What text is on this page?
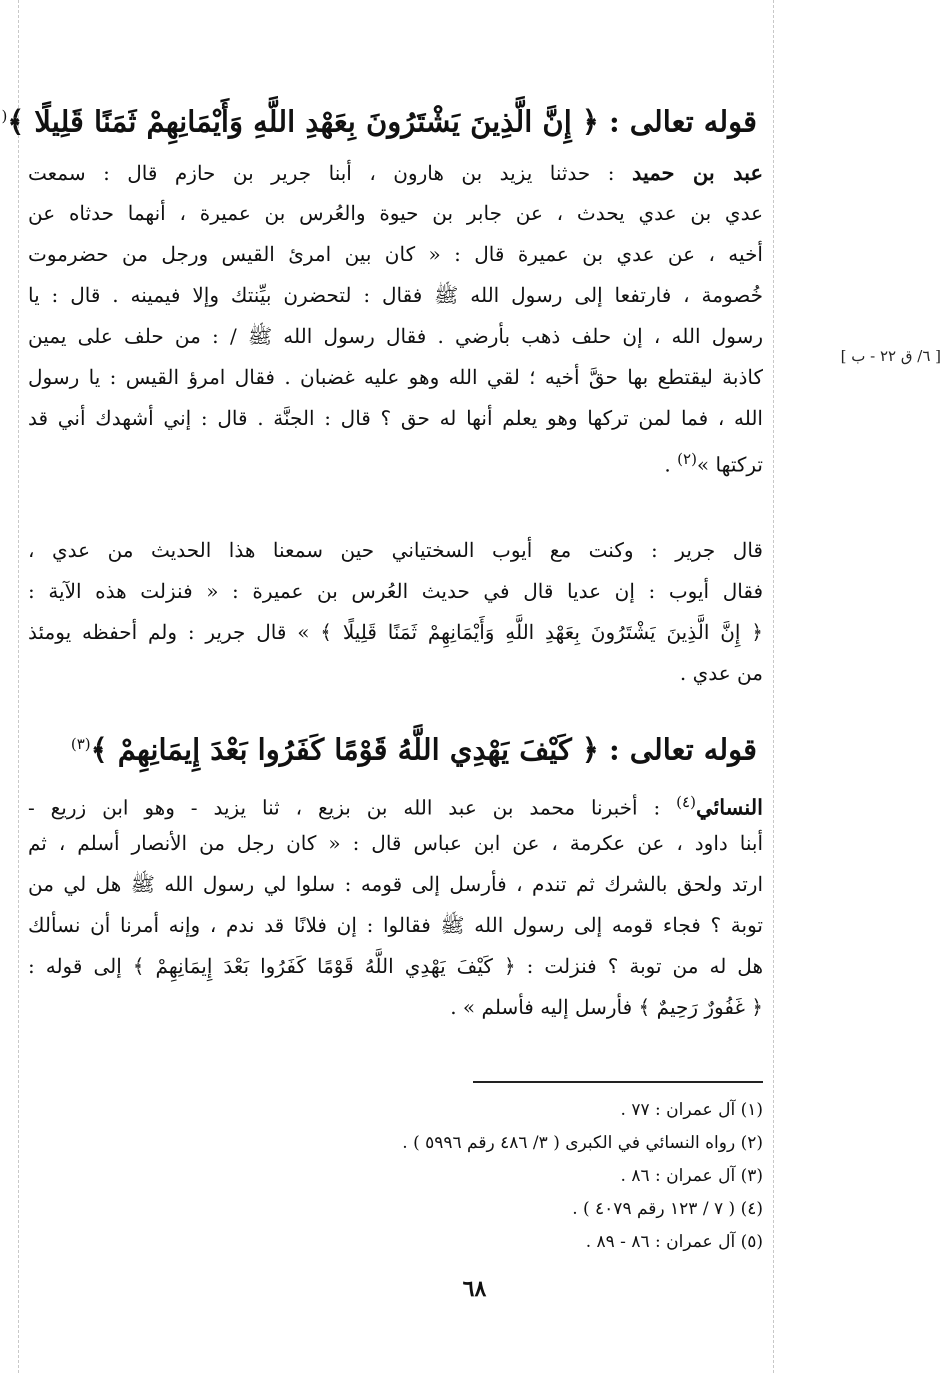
قوله تعالى : ﴿ إِنَّ الَّذِينَ يَشْتَرُونَ بِعَهْدِ اللَّهِ وَأَيْمَانِهِمْ ثَمَنًا قَلِيلًا ﴾(
عبد بن حميد : حدثنا يزيد بن هارون ، أبنا جرير بن حازم قال : سمعت
عدي بن عدي يحدث ، عن جابر بن حيوة والعُرس بن عميرة ، أنهما حدثاه عن
أخيه ، عن عدي بن عميرة قال : « كان بين امرئ القيس ورجل من حضرموت
خُصومة ، فارتفعا إلى رسول الله ﷺ فقال : لتحضرن بيِّنتك وإلا فيمينه . قال : يا
رسول الله ، إن حلف ذهب بأرضي . فقال رسول الله ﷺ / : من حلف على يمين
كاذبة ليقتطع بها حقَّ أخيه ؛ لقي الله وهو عليه غضبان . فقال امرؤ القيس : يا رسول
الله ، فما لمن تركها وهو يعلم أنها له حق ؟ قال : الجنَّة . قال : إني أشهدك أني قد
تركتها »$^{(٢)}$ .
قال جرير : وكنت مع أيوب السختياني حين سمعنا هذا الحديث من عدي ،
فقال أيوب : إن عديا قال في حديث العُرس بن عميرة : « فنزلت هذه الآية :
﴿ إِنَّ الَّذِينَ يَشْتَرُونَ بِعَهْدِ اللَّهِ وَأَيْمَانِهِمْ ثَمَنًا قَلِيلًا ﴾ » قال جرير : ولم أحفظه يومئذ
من عدي .
قوله تعالى : ﴿ كَيْفَ يَهْدِي اللَّهُ قَوْمًا كَفَرُوا بَعْدَ إِيمَانِهِمْ ﴾$^{(٣)}$
النسائي$^{(٤)}$ : أخبرنا محمد بن عبد الله بن بزيع ، ثنا يزيد - وهو ابن زريع -
أبنا داود ، عن عكرمة ، عن ابن عباس قال : « كان رجل من الأنصار أسلم ، ثم
ارتد ولحق بالشرك ثم تندم ، فأرسل إلى قومه : سلوا لي رسول الله ﷺ هل لي من
توبة ؟ فجاء قومه إلى رسول الله ﷺ فقالوا : إن فلانًا قد ندم ، وإنه أمرنا أن نسألك
هل له من توبة ؟ فنزلت : ﴿ كَيْفَ يَهْدِي اللَّهُ قَوْمًا كَفَرُوا بَعْدَ إِيمَانِهِمْ ﴾ إلى قوله :
﴿ غَفُورٌ رَحِيمٌ ﴾ فأرسل إليه فأسلم » .
[ ٦/ ق ٢٢ - ب ]
(١) آل عمران : ٧٧ .
(٢) رواه النسائي في الكبرى ( ٣/ ٤٨٦ رقم ٥٩٩٦ ) .
(٣) آل عمران : ٨٦ .
(٤) ( ٧ / ١٢٣ رقم ٤٠٧٩ ) .
(٥) آل عمران : ٨٦ - ٨٩ .
٦٨
